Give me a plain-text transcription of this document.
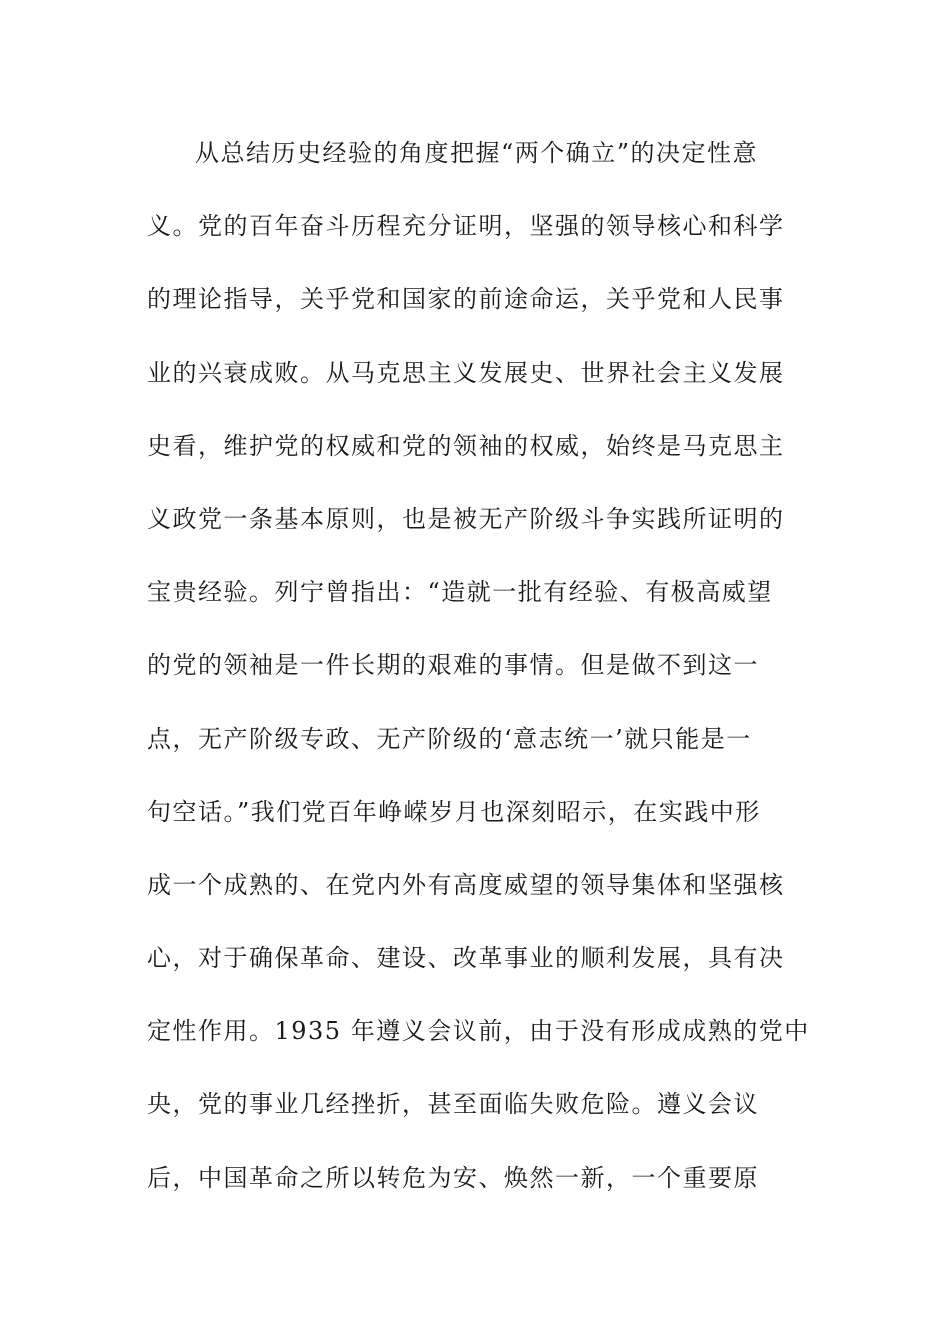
从总结历史经验的角度把握“两个确立”的决定性意
义。党的百年奋斗历程充分证明，坚强的领导核心和科学
的理论指导，关乎党和国家的前途命运，关乎党和人民事
业的兴衰成败。从马克思主义发展史、世界社会主义发展
史看，维护党的权威和党的领袖的权威，始终是马克思主
义政党一条基本原则，也是被无产阶级斗争实践所证明的
宝贵经验。列宁曾指出：“造就一批有经验、有极高威望
的党的领袖是一件长期的艰难的事情。但是做不到这一
点，无产阶级专政、无产阶级的‘意志统一’就只能是一
句空话。”我们党百年峥嵘岁月也深刻昭示，在实践中形
成一个成熟的、在党内外有高度威望的领导集体和坚强核
心，对于确保革命、建设、改革事业的顺利发展，具有决
定性作用。1935 年遵义会议前，由于没有形成成熟的党中
央，党的事业几经挫折，甚至面临失败危险。遵义会议
后，中国革命之所以转危为安、焕然一新，一个重要原
